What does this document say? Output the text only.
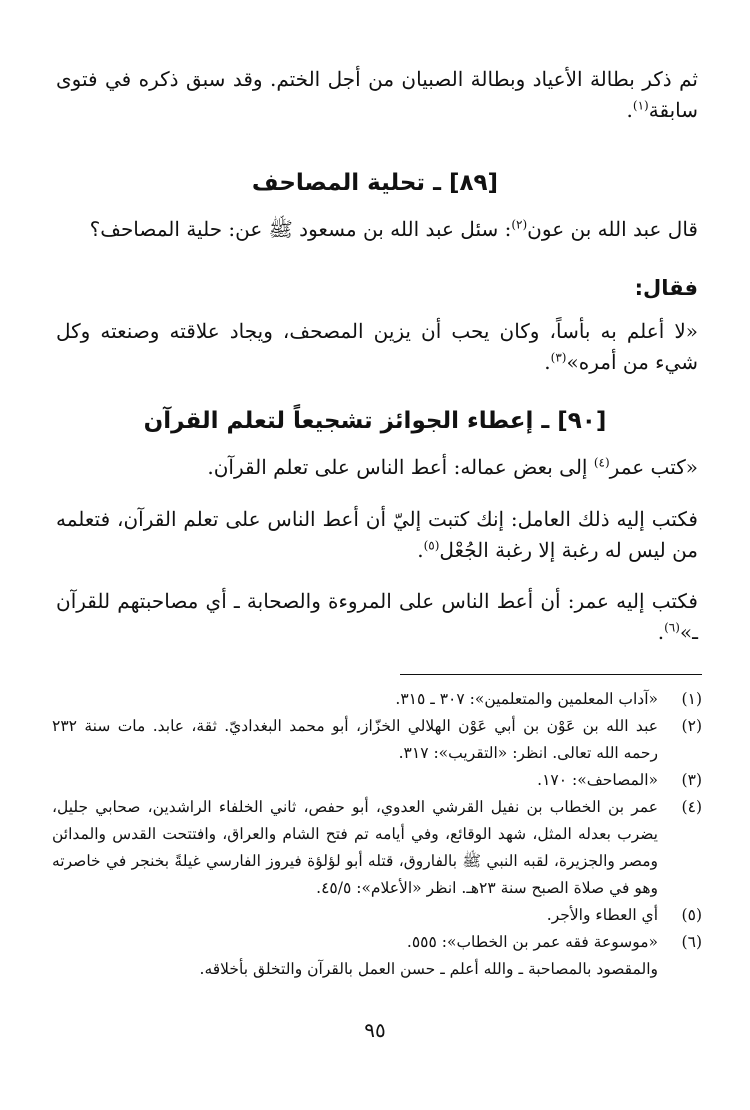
ثم ذكر بطالة الأعياد وبطالة الصبيان من أجل الختم. وقد سبق ذكره في فتوى سابقة$^{(١)}$.

[٨٩] ـ تحلية المصاحف

قال عبد الله بن عون$^{(٢)}$: سئل عبد الله بن مسعود ﷺ عن: حلية المصاحف؟

فقال:

«لا أعلم به بأساً، وكان يحب أن يزين المصحف، ويجاد علاقته وصنعته وكل شيء من أمره»$^{(٣)}$.

[٩٠] ـ إعطاء الجوائز تشجيعاً لتعلم القرآن

«كتب عمر$^{(٤)}$ إلى بعض عماله: أعط الناس على تعلم القرآن.

فكتب إليه ذلك العامل: إنك كتبت إليّ أن أعط الناس على تعلم القرآن، فتعلمه من ليس له رغبة إلا رغبة الجُعْل$^{(٥)}$.

فكتب إليه عمر: أن أعط الناس على المروءة والصحابة ـ أي مصاحبتهم للقرآن ـ»$^{(٦)}$.

(١)
«آداب المعلمين والمتعلمين»: ٣٠٧ ـ ٣١٥.
(٢)
عبد الله بن عَوْن بن أبي عَوْن الهلالي الخزّاز، أبو محمد البغداديّ. ثقة، عابد. مات سنة ٢٣٢ رحمه الله تعالى. انظر: «التقريب»: ٣١٧.
(٣)
«المصاحف»: ١٧٠.
(٤)
عمر بن الخطاب بن نفيل القرشي العدوي، أبو حفص، ثاني الخلفاء الراشدين، صحابي جليل، يضرب بعدله المثل، شهد الوقائع، وفي أيامه تم فتح الشام والعراق، وافتتحت القدس والمدائن ومصر والجزيرة، لقبه النبي ﷺ بالفاروق، قتله أبو لؤلؤة فيروز الفارسي غيلةً بخنجر في خاصرته وهو في صلاة الصبح سنة ٢٣هـ. انظر «الأعلام»: ٤٥/٥.
(٥)
أي العطاء والأجر.
(٦)
«موسوعة فقه عمر بن الخطاب»: ٥٥٥.
والمقصود بالمصاحبة ـ والله أعلم ـ حسن العمل بالقرآن والتخلق بأخلاقه.
٩٥
